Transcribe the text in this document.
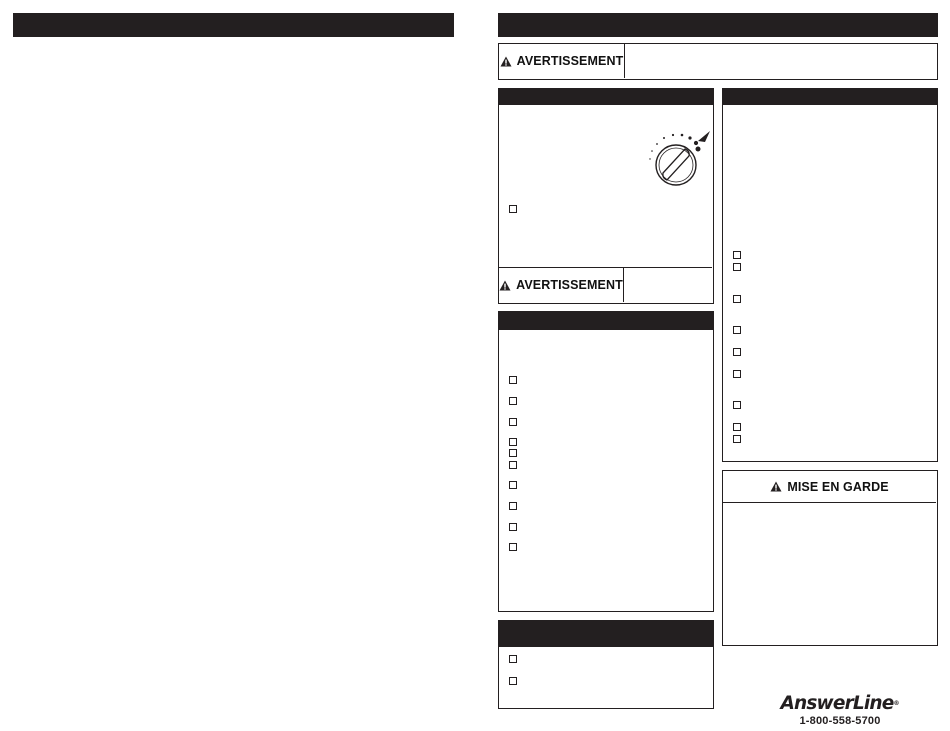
AVERTISSEMENT
AVERTISSEMENT
MISE EN GARDE
AnswerLine®
1-800-558-5700
